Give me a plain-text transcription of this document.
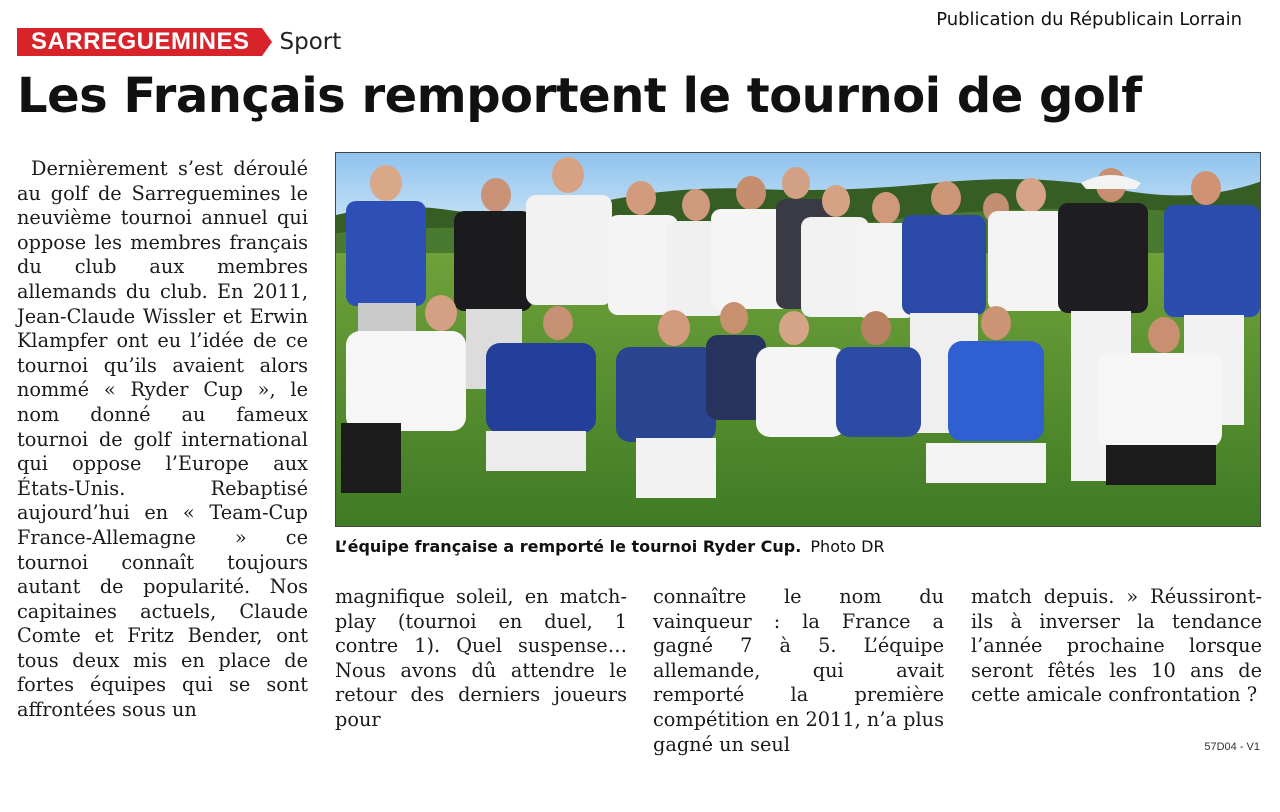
Publication du Républicain Lorrain
SARREGUEMINES	Sport
Les Français remportent le tournoi de golf

Dernièrement s’est déroulé au golf de Sarreguemines le neuvième tournoi annuel qui oppose les membres français du club aux membres allemands du club. En 2011, Jean-Claude Wissler et Erwin Klampfer ont eu l’idée de ce tournoi qu’ils avaient alors nommé « Ryder Cup », le nom donné au fameux tournoi de golf international qui oppose l’Europe aux États-Unis. Rebaptisé aujourd’hui en « Team-Cup France-Allemagne » ce tournoi connaît toujours autant de popularité. Nos capitaines actuels, Claude Comte et Fritz Bender, ont tous deux mis en place de fortes équipes qui se sont affrontées sous un

L’équipe française a remporté le tournoi Ryder Cup. Photo DR

magnifique soleil, en match-play (tournoi en duel, 1 contre 1). Quel suspense… Nous avons dû attendre le retour des derniers joueurs pour

connaître le nom du vainqueur : la France a gagné 7 à 5. L’équipe allemande, qui avait remporté la première compétition en 2011, n’a plus gagné un seul

match depuis. » Réussiront-ils à inverser la tendance l’année prochaine lorsque seront fêtés les 10 ans de cette amicale confrontation ?

57D04 - V1
